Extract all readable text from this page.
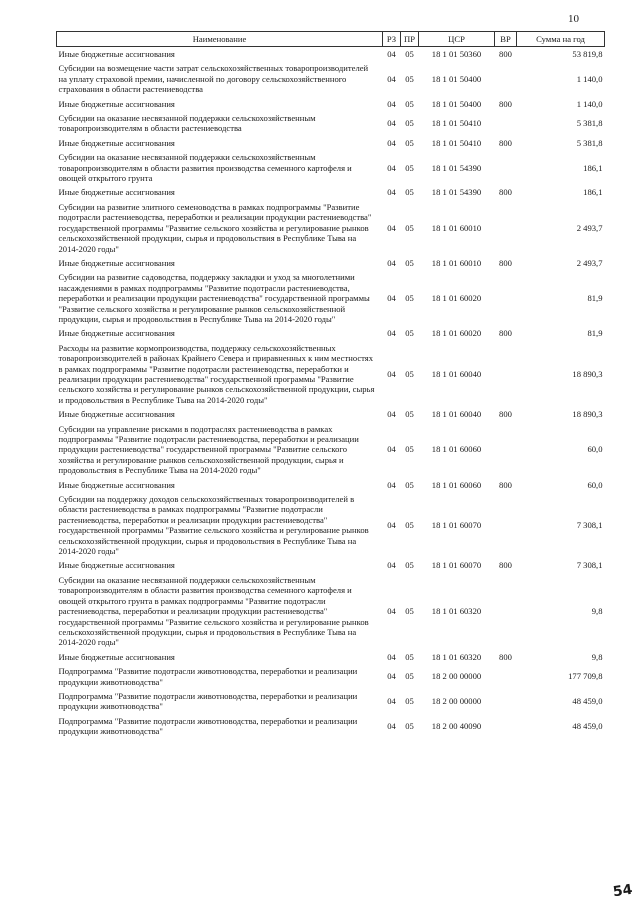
10
Наименование	РЗ	ПР	ЦСР	ВР	Сумма на год
Иные бюджетные ассигнования	04	05	18 1 01 50360	800	53 819,8
Субсидии на возмещение части затрат сельскохозяйственных товаропроизводителей на уплату страховой премии, начисленной по договору сельскохозяйственного страхования в области растениеводства	04	05	18 1 01 50400		1 140,0
Иные бюджетные ассигнования	04	05	18 1 01 50400	800	1 140,0
Субсидии на оказание несвязанной поддержки сельскохозяйственным товаропроизводителям в области растениеводства	04	05	18 1 01 50410		5 381,8
Иные бюджетные ассигнования	04	05	18 1 01 50410	800	5 381,8
Субсидии на оказание несвязанной поддержки сельскохозяйственным товаропроизводителям в области развития производства семенного картофеля и овощей открытого грунта	04	05	18 1 01 54390		186,1
Иные бюджетные ассигнования	04	05	18 1 01 54390	800	186,1
Субсидии на развитие элитного семеноводства в рамках подпрограммы "Развитие подотрасли растениеводства, переработки и реализации продукции растениеводства" государственной программы "Развитие сельского хозяйства и регулирование рынков сельскохозяйственной продукции, сырья и продовольствия в Республике Тыва на 2014-2020 годы"	04	05	18 1 01 60010		2 493,7
Иные бюджетные ассигнования	04	05	18 1 01 60010	800	2 493,7
Субсидии на развитие садоводства, поддержку закладки и уход за многолетними насаждениями в рамках подпрограммы "Развитие подотрасли растениеводства, переработки и реализации продукции растениеводства" государственной программы "Развитие сельского хозяйства и регулирование рынков сельскохозяйственной продукции, сырья и продовольствия в Республике Тыва на 2014-2020 годы"	04	05	18 1 01 60020		81,9
Иные бюджетные ассигнования	04	05	18 1 01 60020	800	81,9
Расходы на развитие кормопроизводства, поддержку сельскохозяйственных товаропроизводителей в районах Крайнего Севера и приравненных к ним местностях в рамках подпрограммы "Развитие подотрасли растениеводства, переработки и реализации продукции растениеводства" государственной программы "Развитие сельского хозяйства и регулирование рынков сельскохозяйственной продукции, сырья и продовольствия в Республике Тыва на 2014-2020 годы"	04	05	18 1 01 60040		18 890,3
Иные бюджетные ассигнования	04	05	18 1 01 60040	800	18 890,3
Субсидии на управление рисками в подотраслях растениеводства в рамках подпрограммы "Развитие подотрасли растениеводства, переработки и реализации продукции растениеводства" государственной программы "Развитие сельского хозяйства и регулирование рынков сельскохозяйственной продукции, сырья и продовольствия в Республике Тыва на 2014-2020 годы"	04	05	18 1 01 60060		60,0
Иные бюджетные ассигнования	04	05	18 1 01 60060	800	60,0
Субсидии на поддержку доходов сельскохозяйственных товаропроизводителей в области растениеводства в рамках подпрограммы "Развитие подотрасли растениеводства, переработки и реализации продукции растениеводства" государственной программы "Развитие сельского хозяйства и регулирование рынков сельскохозяйственной продукции, сырья и продовольствия в Республике Тыва на 2014-2020 годы"	04	05	18 1 01 60070		7 308,1
Иные бюджетные ассигнования	04	05	18 1 01 60070	800	7 308,1
Субсидии на оказание несвязанной поддержки сельскохозяйственным товаропроизводителям в области развития производства семенного картофеля и овощей открытого грунта в рамках подпрограммы "Развитие подотрасли растениеводства, переработки и реализации продукции растениеводства" государственной программы "Развитие сельского хозяйства и регулирование рынков сельскохозяйственной продукции, сырья и продовольствия в Республике Тыва на 2014-2020 годы"	04	05	18 1 01 60320		9,8
Иные бюджетные ассигнования	04	05	18 1 01 60320	800	9,8
Подпрограмма "Развитие подотрасли животноводства, переработки и реализации продукции животноводства"	04	05	18 2 00 00000		177 709,8
Подпрограмма "Развитие подотрасли животноводства, переработки и реализации продукции животноводства"	04	05	18 2 00 00000		48 459,0
Подпрограмма "Развитие подотрасли животноводства, переработки и реализации продукции животноводства"	04	05	18 2 00 40090		48 459,0
54
